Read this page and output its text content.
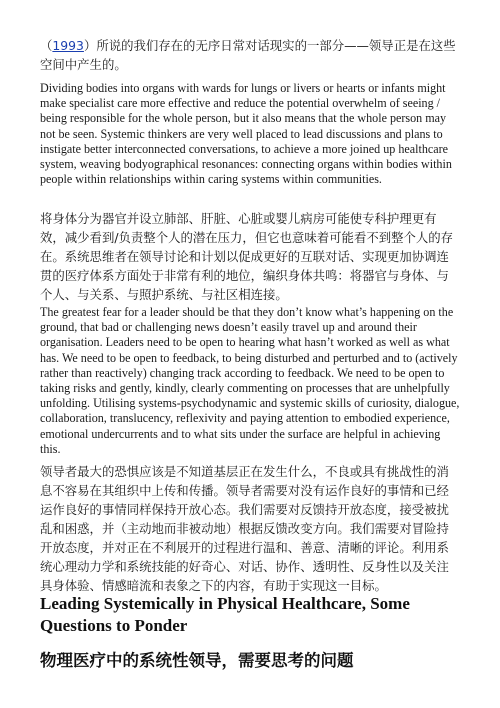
（1993）所说的我们存在的无序日常对话现实的一部分——领导正是在这些空间中产生的。

Dividing bodies into organs with wards for lungs or livers or hearts or infants might make specialist care more effective and reduce the potential overwhelm of seeing / being responsible for the whole person, but it also means that the whole person may not be seen. Systemic thinkers are very well placed to lead discussions and plans to instigate better interconnected conversations, to achieve a more joined up healthcare system, weaving bodyographical resonances: connecting organs within bodies within people within relationships within caring systems within communities.

将身体分为器官并设立肺部、肝脏、心脏或婴儿病房可能使专科护理更有效，减少看到/负责整个人的潜在压力，但它也意味着可能看不到整个人的存在。系统思维者在领导讨论和计划以促成更好的互联对话、实现更加协调连贯的医疗体系方面处于非常有利的地位，编织身体共鸣：将器官与身体、与个人、与关系、与照护系统、与社区相连接。

The greatest fear for a leader should be that they don’t know what’s happening on the ground, that bad or challenging news doesn’t easily travel up and around their organisation. Leaders need to be open to hearing what hasn’t worked as well as what has. We need to be open to feedback, to being disturbed and perturbed and to (actively rather than reactively) changing track according to feedback. We need to be open to taking risks and gently, kindly, clearly commenting on processes that are unhelpfully unfolding. Utilising systems-psychodynamic and systemic skills of curiosity, dialogue, collaboration, translucency, reflexivity and paying attention to embodied experience, emotional undercurrents and to what sits under the surface are helpful in achieving this.

领导者最大的恐惧应该是不知道基层正在发生什么，不良或具有挑战性的消息不容易在其组织中上传和传播。领导者需要对没有运作良好的事情和已经运作良好的事情同样保持开放心态。我们需要对反馈持开放态度，接受被扰乱和困惑，并（主动地而非被动地）根据反馈改变方向。我们需要对冒险持开放态度，并对正在不利展开的过程进行温和、善意、清晰的评论。利用系统心理动力学和系统技能的好奇心、对话、协作、透明性、反身性以及关注具身体验、情感暗流和表象之下的内容，有助于实现这一目标。

Leading Systemically in Physical Healthcare, Some Questions to Ponder
物理医疗中的系统性领导，需要思考的问题
